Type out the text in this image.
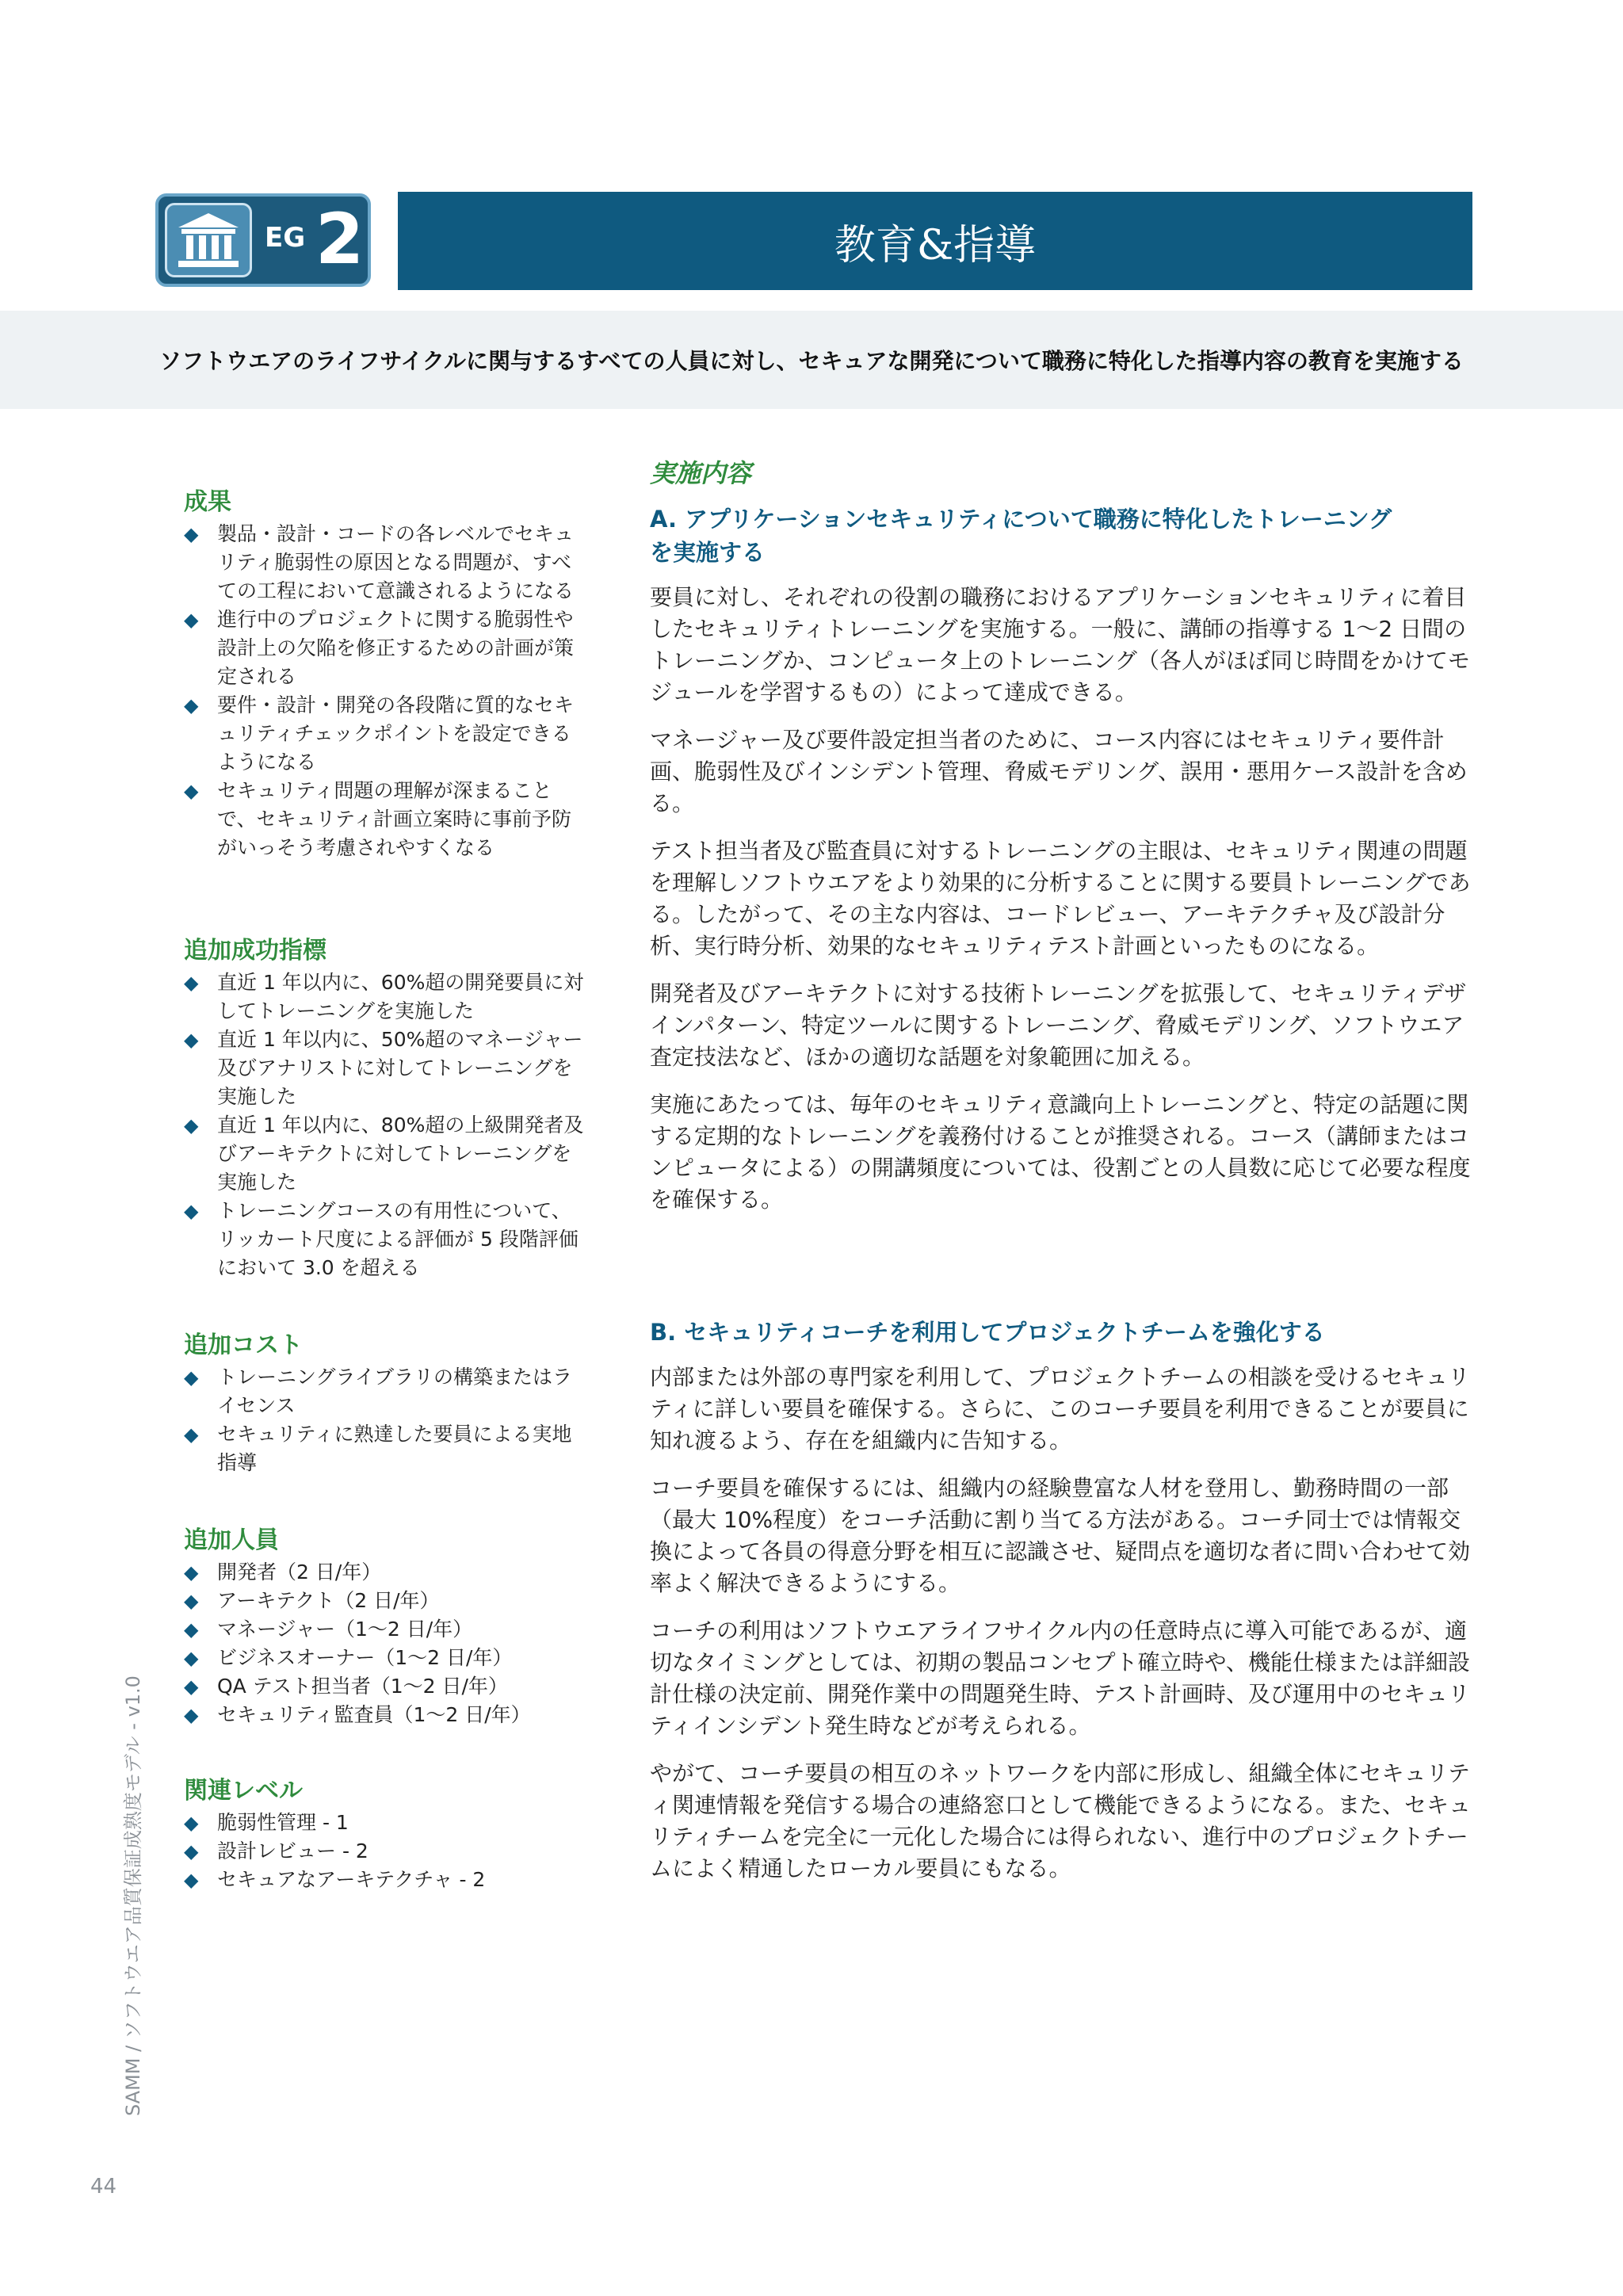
EG 2	教育&指導
ソフトウエアのライフサイクルに関与するすべての人員に対し、セキュアな開発について職務に特化した指導内容の教育を実施する
成果
◆ 製品・設計・コードの各レベルでセキュリティ脆弱性の原因となる問題が、すべての工程において意識されるようになる
◆ 進行中のプロジェクトに関する脆弱性や設計上の欠陥を修正するための計画が策定される
◆ 要件・設計・開発の各段階に質的なセキュリティチェックポイントを設定できるようになる
◆ セキュリティ問題の理解が深まることで、セキュリティ計画立案時に事前予防がいっそう考慮されやすくなる
追加成功指標
◆ 直近 1 年以内に、60%超の開発要員に対してトレーニングを実施した
◆ 直近 1 年以内に、50%超のマネージャー及びアナリストに対してトレーニングを実施した
◆ 直近 1 年以内に、80%超の上級開発者及びアーキテクトに対してトレーニングを実施した
◆ トレーニングコースの有用性について、リッカート尺度による評価が 5 段階評価において 3.0 を超える
追加コスト
◆ トレーニングライブラリの構築またはライセンス
◆ セキュリティに熟達した要員による実地指導
追加人員
◆ 開発者（2 日/年）
◆ アーキテクト（2 日/年）
◆ マネージャー（1〜2 日/年）
◆ ビジネスオーナー（1〜2 日/年）
◆ QA テスト担当者（1〜2 日/年）
◆ セキュリティ監査員（1〜2 日/年）
関連レベル
◆ 脆弱性管理 - 1
◆ 設計レビュー - 2
◆ セキュアなアーキテクチャ - 2
実施内容
A. アプリケーションセキュリティについて職務に特化したトレーニング
を実施する

要員に対し、それぞれの役割の職務におけるアプリケーションセキュリティに着目したセキュリティトレーニングを実施する。一般に、講師の指導する 1〜2 日間のトレーニングか、コンピュータ上のトレーニング（各人がほぼ同じ時間をかけてモジュールを学習するもの）によって達成できる。

マネージャー及び要件設定担当者のために、コース内容にはセキュリティ要件計画、脆弱性及びインシデント管理、脅威モデリング、誤用・悪用ケース設計を含める。

テスト担当者及び監査員に対するトレーニングの主眼は、セキュリティ関連の問題を理解しソフトウエアをより効果的に分析することに関する要員トレーニングである。したがって、その主な内容は、コードレビュー、アーキテクチャ及び設計分析、実行時分析、効果的なセキュリティテスト計画といったものになる。

開発者及びアーキテクトに対する技術トレーニングを拡張して、セキュリティデザインパターン、特定ツールに関するトレーニング、脅威モデリング、ソフトウエア査定技法など、ほかの適切な話題を対象範囲に加える。

実施にあたっては、毎年のセキュリティ意識向上トレーニングと、特定の話題に関する定期的なトレーニングを義務付けることが推奨される。コース（講師またはコンピュータによる）の開講頻度については、役割ごとの人員数に応じて必要な程度を確保する。

B. セキュリティコーチを利用してプロジェクトチームを強化する

内部または外部の専門家を利用して、プロジェクトチームの相談を受けるセキュリティに詳しい要員を確保する。さらに、このコーチ要員を利用できることが要員に知れ渡るよう、存在を組織内に告知する。

コーチ要員を確保するには、組織内の経験豊富な人材を登用し、勤務時間の一部（最大 10%程度）をコーチ活動に割り当てる方法がある。コーチ同士では情報交換によって各員の得意分野を相互に認識させ、疑問点を適切な者に問い合わせて効率よく解決できるようにする。

コーチの利用はソフトウエアライフサイクル内の任意時点に導入可能であるが、適切なタイミングとしては、初期の製品コンセプト確立時や、機能仕様または詳細設計仕様の決定前、開発作業中の問題発生時、テスト計画時、及び運用中のセキュリティインシデント発生時などが考えられる。

やがて、コーチ要員の相互のネットワークを内部に形成し、組織全体にセキュリティ関連情報を発信する場合の連絡窓口として機能できるようになる。また、セキュリティチームを完全に一元化した場合には得られない、進行中のプロジェクトチームによく精通したローカル要員にもなる。

SAMM / ソフトウエア品質保証成熟度モデル - v1.0
44
